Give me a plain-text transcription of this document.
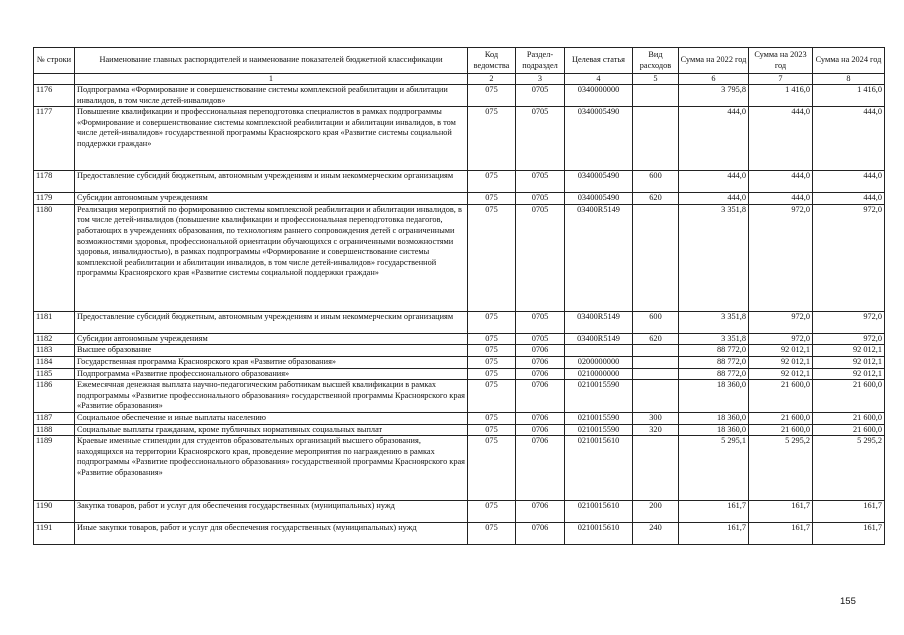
№ строки	Наименование главных распорядителей и наименование показателей бюджетной классификации	Код ведомства	Раздел-подраздел	Целевая статья	Вид расходов	Сумма на 2022 год	Сумма на 2023 год	Сумма на 2024 год
	1	2	3	4	5	6	7	8
1176	Подпрограмма «Формирование и совершенствование системы комплексной реабилитации и абилитации инвалидов, в том числе детей-инвалидов»	075	0705	0340000000		3 795,8	1 416,0	1 416,0
1177	Повышение квалификации и профессиональная переподготовка специалистов в рамках подпрограммы «Формирование и совершенствование системы комплексной реабилитации и абилитации инвалидов, в том числе детей-инвалидов» государственной программы Красноярского края «Развитие системы социальной поддержки граждан»	075	0705	0340005490		444,0	444,0	444,0
1178	Предоставление субсидий бюджетным, автономным учреждениям и иным некоммерческим организациям	075	0705	0340005490	600	444,0	444,0	444,0
1179	Субсидии автономным учреждениям	075	0705	0340005490	620	444,0	444,0	444,0
1180	Реализация мероприятий по формированию системы комплексной реабилитации и абилитации инвалидов, в том числе детей-инвалидов (повышение квалификации и профессиональная переподготовка педагогов, работающих в учреждениях образования, по технологиям раннего сопровождения детей с ограниченными возможностями здоровья, профессиональной ориентации обучающихся с ограниченными возможностями здоровья, инвалидностью), в рамках подпрограммы «Формирование и совершенствование системы комплексной реабилитации и абилитации инвалидов, в том числе детей-инвалидов» государственной программы Красноярского края «Развитие системы социальной поддержки граждан»	075	0705	03400R5149		3 351,8	972,0	972,0
1181	Предоставление субсидий бюджетным, автономным учреждениям и иным некоммерческим организациям	075	0705	03400R5149	600	3 351,8	972,0	972,0
1182	Субсидии автономным учреждениям	075	0705	03400R5149	620	3 351,8	972,0	972,0
1183	Высшее образование	075	0706			88 772,0	92 012,1	92 012,1
1184	Государственная программа Красноярского края «Развитие образования»	075	0706	0200000000		88 772,0	92 012,1	92 012,1
1185	Подпрограмма «Развитие профессионального образования»	075	0706	0210000000		88 772,0	92 012,1	92 012,1
1186	Ежемесячная денежная выплата научно-педагогическим работникам высшей квалификации в рамках подпрограммы «Развитие профессионального образования» государственной программы Красноярского края «Развитие образования»	075	0706	0210015590		18 360,0	21 600,0	21 600,0
1187	Социальное обеспечение и иные выплаты населению	075	0706	0210015590	300	18 360,0	21 600,0	21 600,0
1188	Социальные выплаты гражданам, кроме публичных нормативных социальных выплат	075	0706	0210015590	320	18 360,0	21 600,0	21 600,0
1189	Краевые именные стипендии для студентов образовательных организаций высшего образования, находящихся на территории Красноярского края, проведение мероприятия по награждению в рамках подпрограммы «Развитие профессионального образования» государственной программы Красноярского края «Развитие образования»	075	0706	0210015610		5 295,1	5 295,2	5 295,2
1190	Закупка товаров, работ и услуг для обеспечения государственных (муниципальных) нужд	075	0706	0210015610	200	161,7	161,7	161,7
1191	Иные закупки товаров, работ и услуг для обеспечения государственных (муниципальных) нужд	075	0706	0210015610	240	161,7	161,7	161,7
155
